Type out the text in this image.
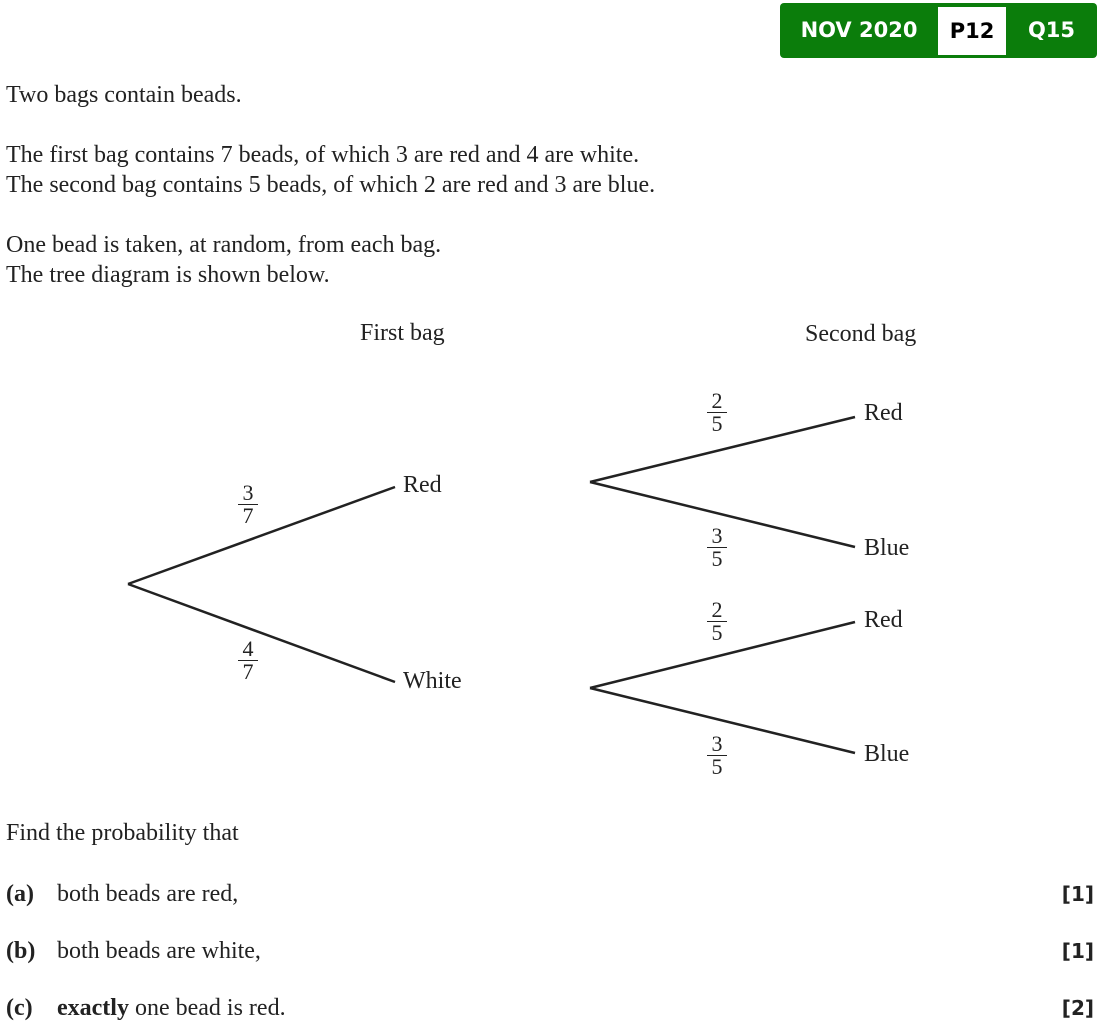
NOV 2020	P12	Q15
Two bags contain beads.
The first bag contains 7 beads, of which 3 are red and 4 are white.
The second bag contains 5 beads, of which 2 are red and 3 are blue.
One bead is taken, at random, from each bag.
The tree diagram is shown below.
First bag	Second bag
Red
White
Red
Blue
Red
Blue
$\frac{3}{7}$
$\frac{4}{7}$
$\frac{2}{5}$
$\frac{3}{5}$
$\frac{2}{5}$
$\frac{3}{5}$
Find the probability that
(a) both beads are red,	[1]
(b) both beads are white,	[1]
(c) exactly one bead is red.	[2]
